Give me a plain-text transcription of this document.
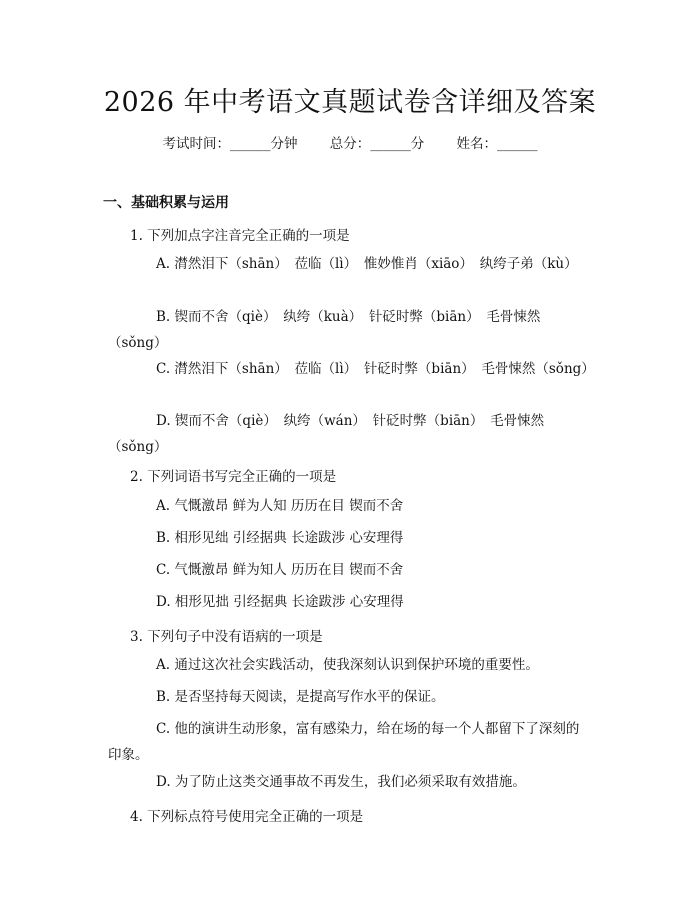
2026 年中考语文真题试卷含详细及答案
考试时间：______分钟 总分：______分 姓名：______
一、基础积累与运用
1. 下列加点字注音完全正确的一项是
A. 潸然泪下（shān）　莅临（lì）　惟妙惟肖（xiāo）　纨绔子弟（kù）
B. 锲而不舍（qiè）　纨绔（kuà）　针砭时弊（biān）　毛骨悚然（sǒng）
C. 潸然泪下（shān）　莅临（lì）　针砭时弊（biān）　毛骨悚然（sǒng）
D. 锲而不舍（qiè）　纨绔（wán）　针砭时弊（biān）　毛骨悚然（sǒng）
2. 下列词语书写完全正确的一项是
A. 气慨激昂 鲜为人知 历历在目 锲而不舍
B. 相形见绌 引经据典 长途跋涉 心安理得
C. 气慨激昂 鲜为知人 历历在目 锲而不舍
D. 相形见拙 引经据典 长途跋涉 心安理得
3. 下列句子中没有语病的一项是
A. 通过这次社会实践活动，使我深刻认识到保护环境的重要性。
B. 是否坚持每天阅读，是提高写作水平的保证。
C. 他的演讲生动形象，富有感染力，给在场的每一个人都留下了深刻的印象。
D. 为了防止这类交通事故不再发生，我们必须采取有效措施。
4. 下列标点符号使用完全正确的一项是
